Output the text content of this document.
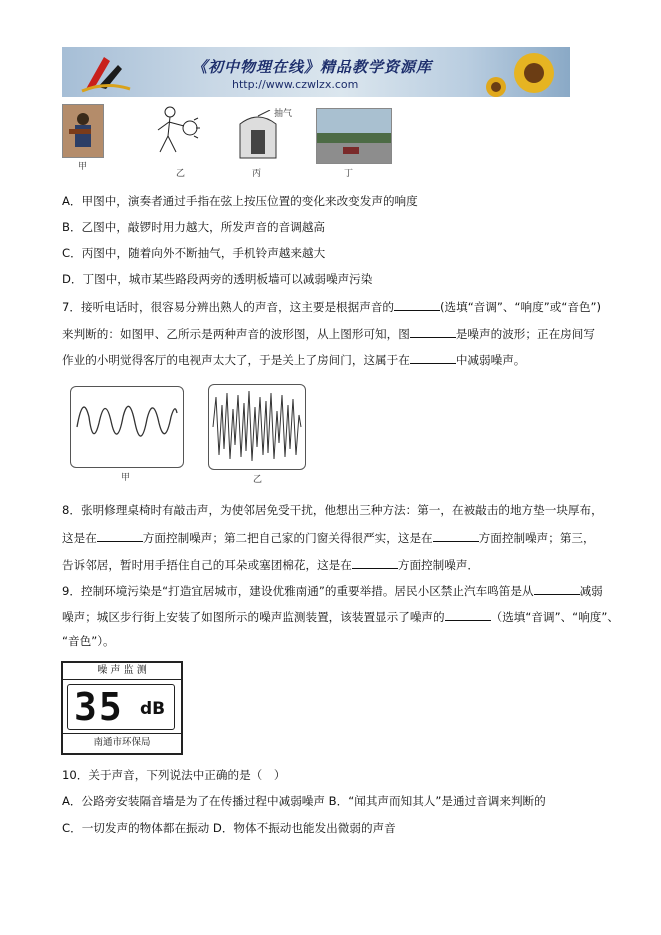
《初中物理在线》精品教学资源库
http://www.czwlzx.com
甲
乙
抽气
丙	丁
A．甲图中，演奏者通过手指在弦上按压位置的变化来改变发声的响度
B．乙图中，敲锣时用力越大，所发声音的音调越高
C．丙图中，随着向外不断抽气，手机铃声越来越大
D．丁图中，城市某些路段两旁的透明板墙可以减弱噪声污染
7．接听电话时，很容易分辨出熟人的声音，这主要是根据声音的	(选填“音调”、“响度”或“音色”)
来判断的：如图甲、乙所示是两种声音的波形图，从上图形可知，图	是噪声的波形；正在房间写
作业的小明觉得客厅的电视声太大了，于是关上了房间门，这属于在	中减弱噪声。
甲	乙
8．张明修理桌椅时有敲击声，为使邻居免受干扰，他想出三种方法：第一，在被敲击的地方垫一块厚布，
这是在	方面控制噪声；第二把自己家的门窗关得很严实，这是在	方面控制噪声；第三，
告诉邻居，暂时用手捂住自己的耳朵或塞团棉花，这是在	方面控制噪声．
9．控制环境污染是“打造宜居城市，建设优雅南通”的重要举措。居民小区禁止汽车鸣笛是从	减弱
噪声；城区步行街上安装了如图所示的噪声监测装置，该装置显示了噪声的	（选填“音调”、“响度”、
“音色”）。
噪 声 监 测
35 dB
南通市环保局
10．关于声音，下列说法中正确的是（　）
A．公路旁安装隔音墙是为了在传播过程中减弱噪声 B．“闻其声而知其人”是通过音调来判断的
C．一切发声的物体都在振动 D．物体不振动也能发出微弱的声音
